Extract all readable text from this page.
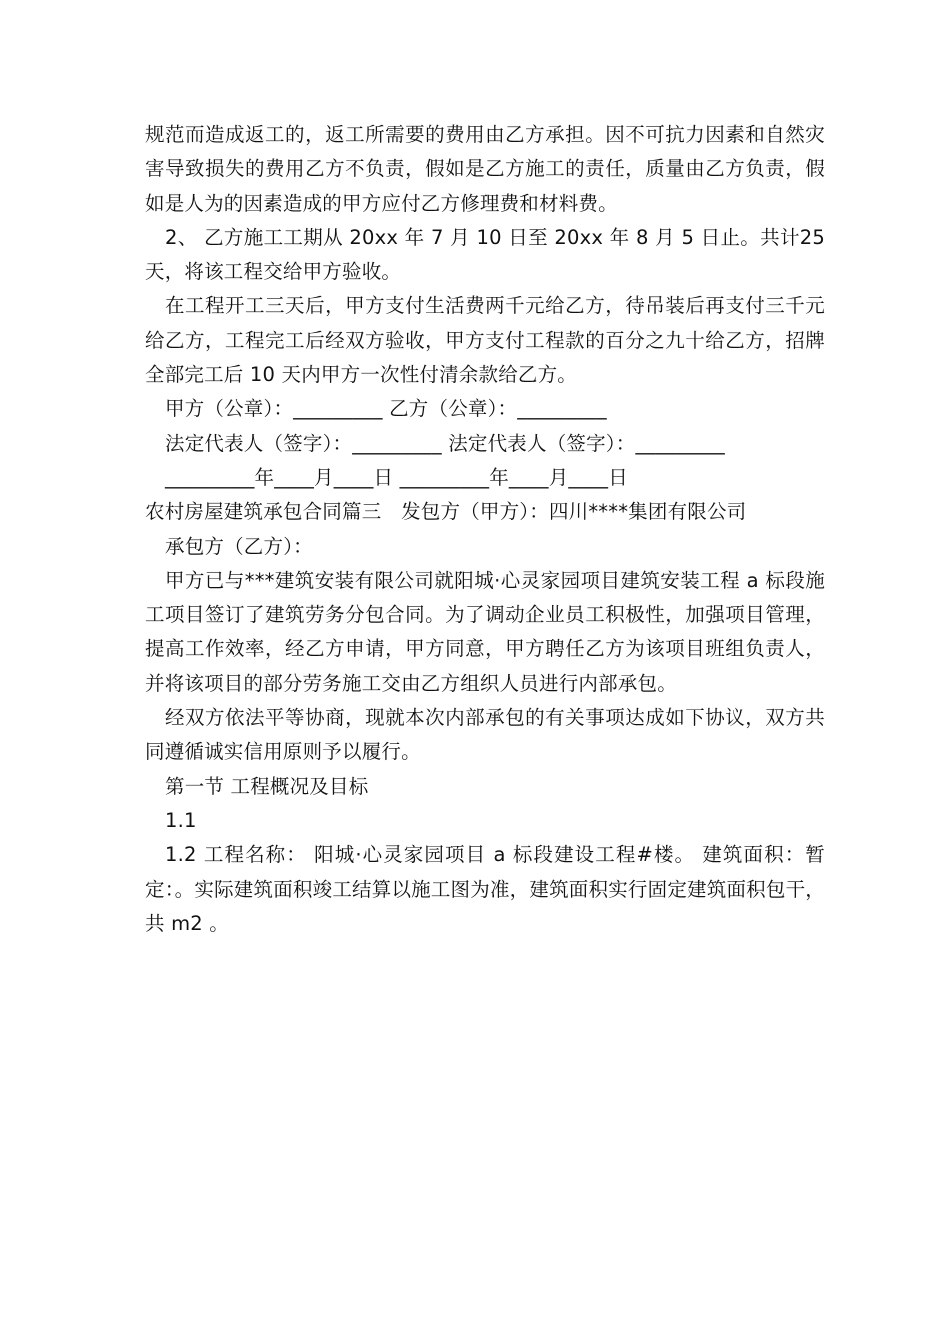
规范而造成返工的，返工所需要的费用由乙方承担。因不可抗力因素和自然灾害导致损失的费用乙方不负责，假如是乙方施工的责任，质量由乙方负责，假如是人为的因素造成的甲方应付乙方修理费和材料费。

2、 乙方施工工期从 20xx 年 7 月 10 日至 20xx 年 8 月 5 日止。共计25 天，将该工程交给甲方验收。

在工程开工三天后，甲方支付生活费两千元给乙方，待吊装后再支付三千元给乙方，工程完工后经双方验收，甲方支付工程款的百分之九十给乙方，招牌全部完工后 10 天内甲方一次性付清余款给乙方。

甲方（公章）：_________ 乙方（公章）：_________

法定代表人（签字）：_________ 法定代表人（签字）：_________

_________年____月____日 _________年____月____日

农村房屋建筑承包合同篇三　发包方（甲方）：四川****集团有限公司

承包方（乙方）：

甲方已与***建筑安装有限公司就阳城·心灵家园项目建筑安装工程 a 标段施工项目签订了建筑劳务分包合同。为了调动企业员工积极性，加强项目管理，提高工作效率，经乙方申请，甲方同意，甲方聘任乙方为该项目班组负责人，并将该项目的部分劳务施工交由乙方组织人员进行内部承包。

经双方依法平等协商，现就本次内部承包的有关事项达成如下协议，双方共同遵循诚实信用原则予以履行。

第一节 工程概况及目标

1.1

1.2 工程名称： 阳城·心灵家园项目 a 标段建设工程#楼。 建筑面积：暂定：。实际建筑面积竣工结算以施工图为准，建筑面积实行固定建筑面积包干，共 m2 。
